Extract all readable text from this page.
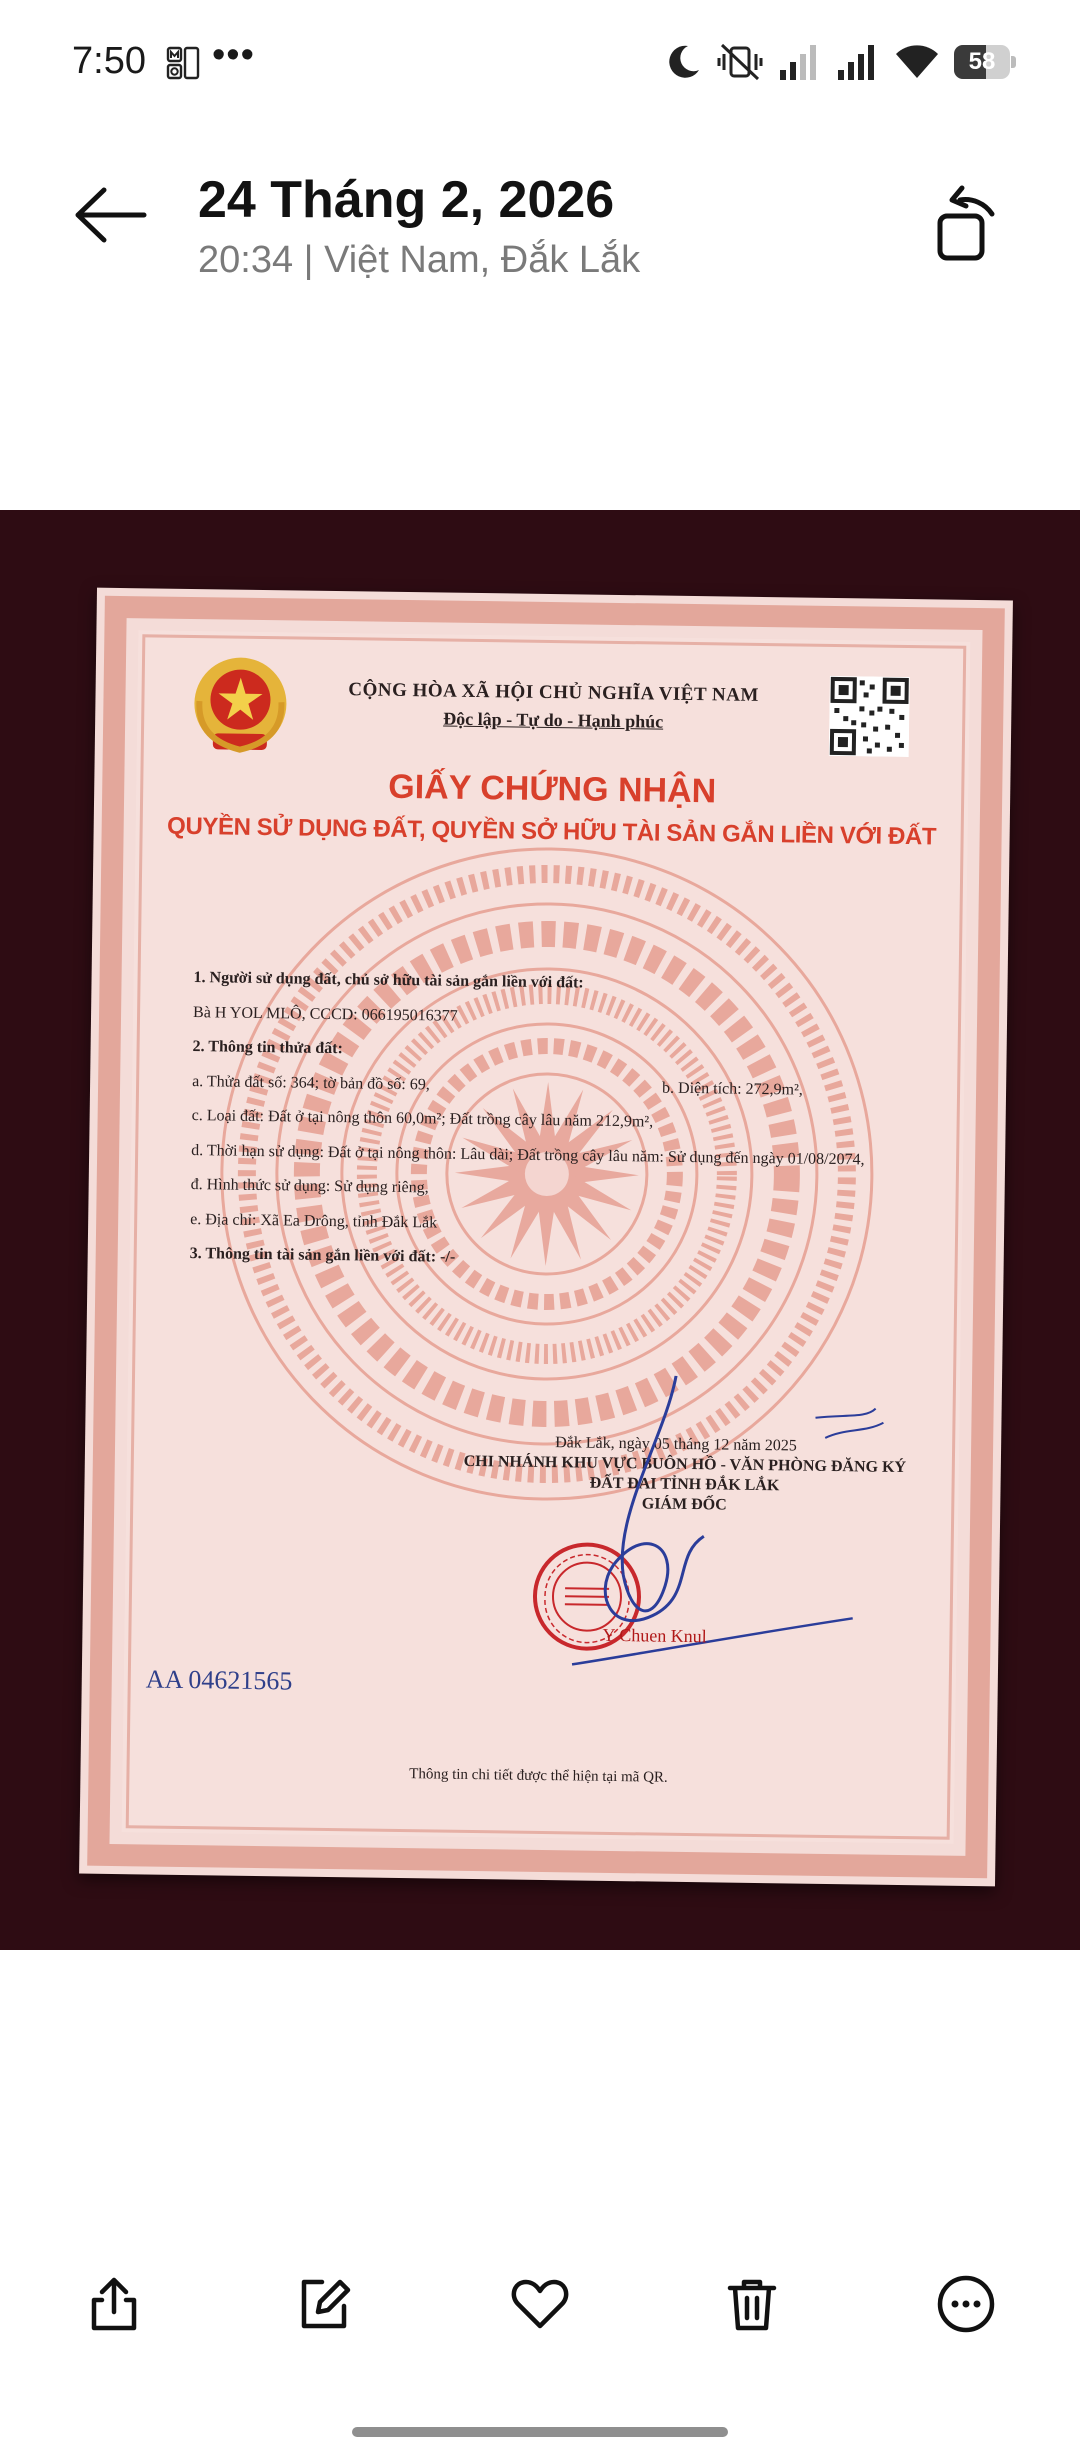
7:50 •••	58
24 Tháng 2, 2026
20:34 | Việt Nam, Đắk Lắk
CỘNG HÒA XÃ HỘI CHỦ NGHĨA VIỆT NAM
Độc lập - Tự do - Hạnh phúc
GIẤY CHỨNG NHẬN
QUYỀN SỬ DỤNG ĐẤT, QUYỀN SỞ HỮU TÀI SẢN GẮN LIỀN VỚI ĐẤT
1. Người sử dụng đất, chủ sở hữu tài sản gắn liền với đất:
Bà H YOL MLÔ, CCCD: 066195016377
2. Thông tin thửa đất:
a. Thửa đất số: 364; tờ bản đồ số: 69,	b. Diện tích: 272,9m²,
c. Loại đất: Đất ở tại nông thôn 60,0m²; Đất trồng cây lâu năm 212,9m²,
d. Thời hạn sử dụng: Đất ở tại nông thôn: Lâu dài; Đất trồng cây lâu năm: Sử dụng đến ngày 01/08/2074,
đ. Hình thức sử dụng: Sử dụng riêng,
e. Địa chỉ: Xã Ea Drông, tỉnh Đắk Lắk
3. Thông tin tài sản gắn liền với đất: -/-
Đắk Lắk, ngày 05 tháng 12 năm 2025
CHI NHÁNH KHU VỰC BUÔN HỒ - VĂN PHÒNG ĐĂNG KÝ
ĐẤT ĐAI TỈNH ĐẮK LẮK
GIÁM ĐỐC
Y Chuen Knul
AA 04621565
Thông tin chi tiết được thể hiện tại mã QR.
